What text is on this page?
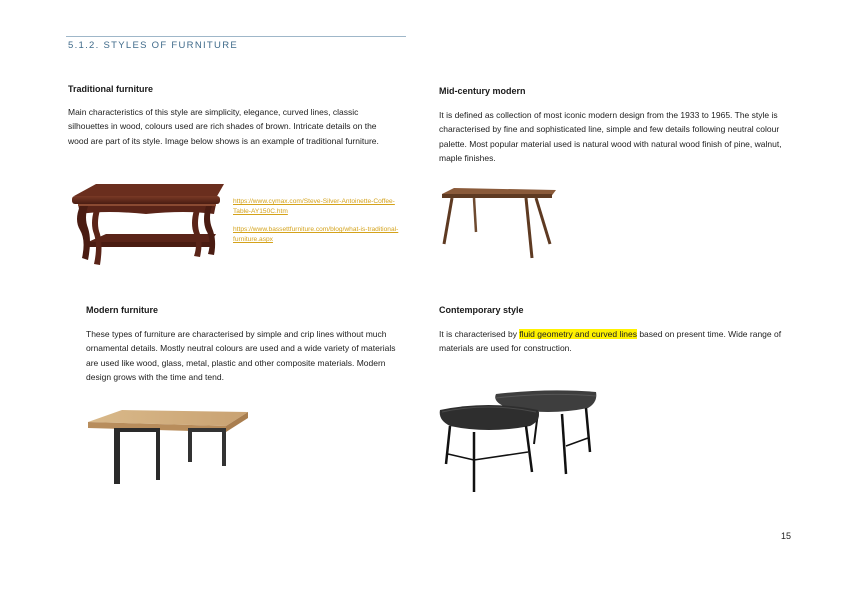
5.1.2. STYLES OF FURNITURE
Traditional furniture
Main characteristics of this style are simplicity, elegance, curved lines, classic silhouettes in wood, colours used are rich shades of brown. Intricate details on the wood are part of its style. Image below shows is an example of traditional furniture.
https://www.cymax.com/Steve-Silver-Antoinette-Coffee-Table-AY150C.htm
https://www.bassettfurniture.com/blog/what-is-traditional-furniture.aspx
Mid-century modern
It is defined as collection of most iconic modern design from the 1933 to 1965. The style is characterised by fine and sophisticated line, simple and few details following neutral colour palette. Most popular material used is natural wood with natural wood finish of pine, walnut, maple finishes.
Modern furniture
These types of furniture are characterised by simple and crip lines without much ornamental details. Mostly neutral colours are used and a wide variety of materials are used like wood, glass, metal, plastic and other composite materials. Modern design grows with the time and tend.
Contemporary style
It is characterised by fluid geometry and curved lines based on present time. Wide range of materials are used for construction.
15
